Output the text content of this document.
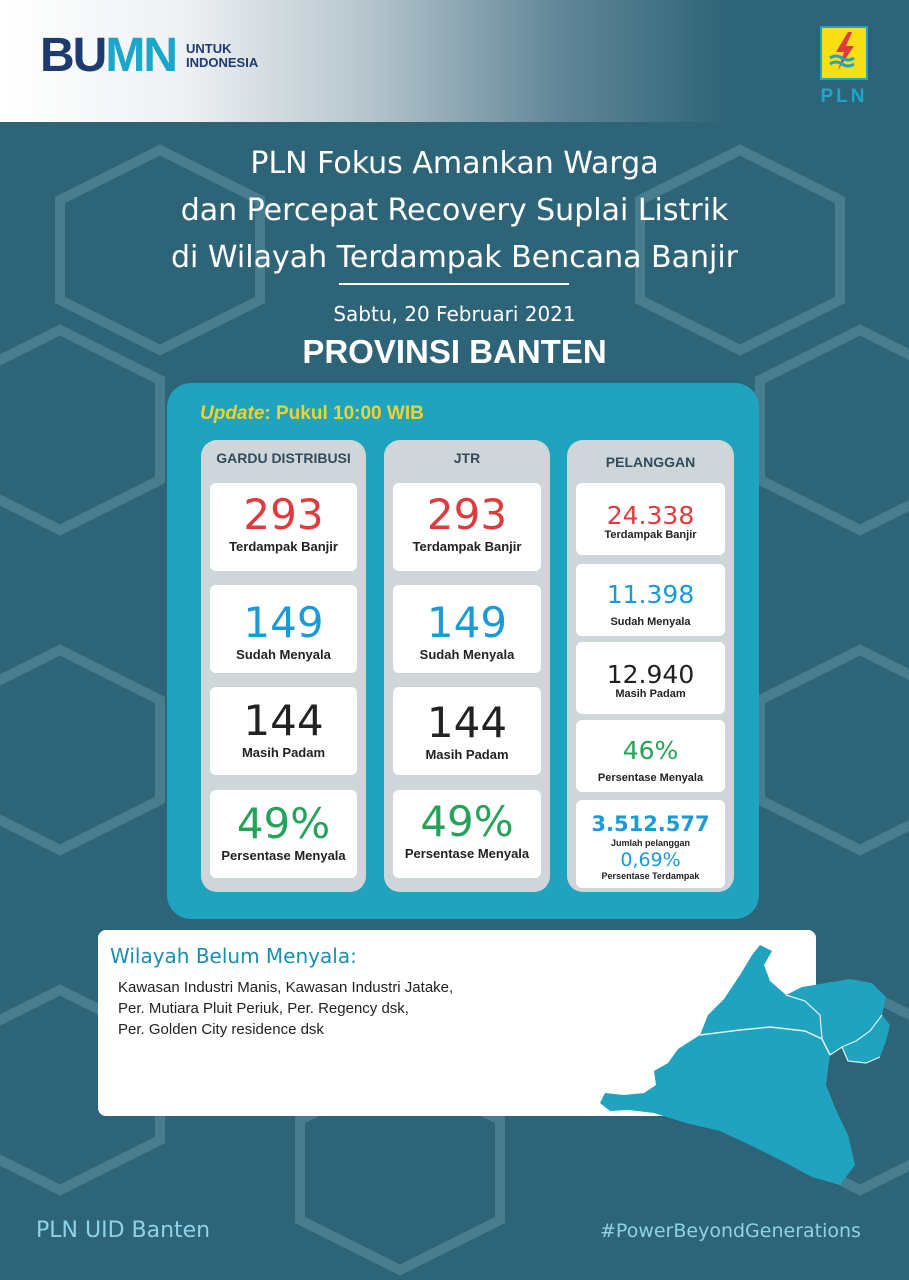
B U MN UNTUK
INDONESIA
PLN
PLN Fokus Amankan Warga
dan Percepat Recovery Suplai Listrik
di Wilayah Terdampak Bencana Banjir
Sabtu, 20 Februari 2021
PROVINSI BANTEN
Update: Pukul 10:00 WIB
GARDU DISTRIBUSI
293
Terdampak Banjir
149
Sudah Menyala
144
Masih Padam
49%
Persentase Menyala
JTR
293
Terdampak Banjir
149
Sudah Menyala
144
Masih Padam
49%
Persentase Menyala
PELANGGAN
24.338
Terdampak Banjir
11.398
Sudah Menyala
12.940
Masih Padam
46%
Persentase Menyala
3.512.577
Jumlah pelanggan
0,69%
Persentase Terdampak
Wilayah Belum Menyala:
Kawasan Industri Manis, Kawasan Industri Jatake,
Per. Mutiara Pluit Periuk, Per. Regency dsk,
Per. Golden City residence dsk
PLN UID Banten	#PowerBeyondGenerations
